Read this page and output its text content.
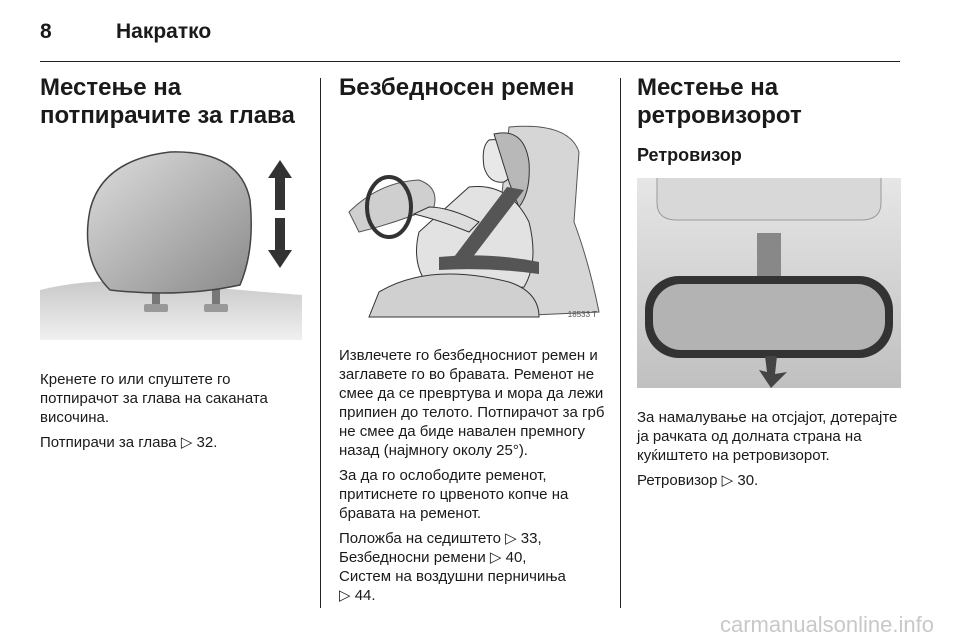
8	Накратко
Местење на потпирачите за глава

Кренете го или спуштете го потпирачот за глава на саканата височина.

Потпирачи за глава ▷ 32.

Безбедносен ремен
18533 T

Извлечете го безбедносниот ремен и заглавете го во бравата. Ременот не смее да се превртува и мора да лежи припиен до телото. Потпирачот за грб не смее да биде навален премногу назад (најмногу околу 25°).

За да го ослободите ременот, притиснете го црвеното копче на бравата на ременот.

Положба на седиштето ▷ 33,
Безбедносни ремени ▷ 40,
Систем на воздушни перничиња
▷ 44.

Местење на ретровизорот
Ретровизор

За намалување на отсјајот, дотерајте ја рачката од долната страна на куќиштето на ретровизорот.

Ретровизор ▷ 30.

carmanualsonline.info
